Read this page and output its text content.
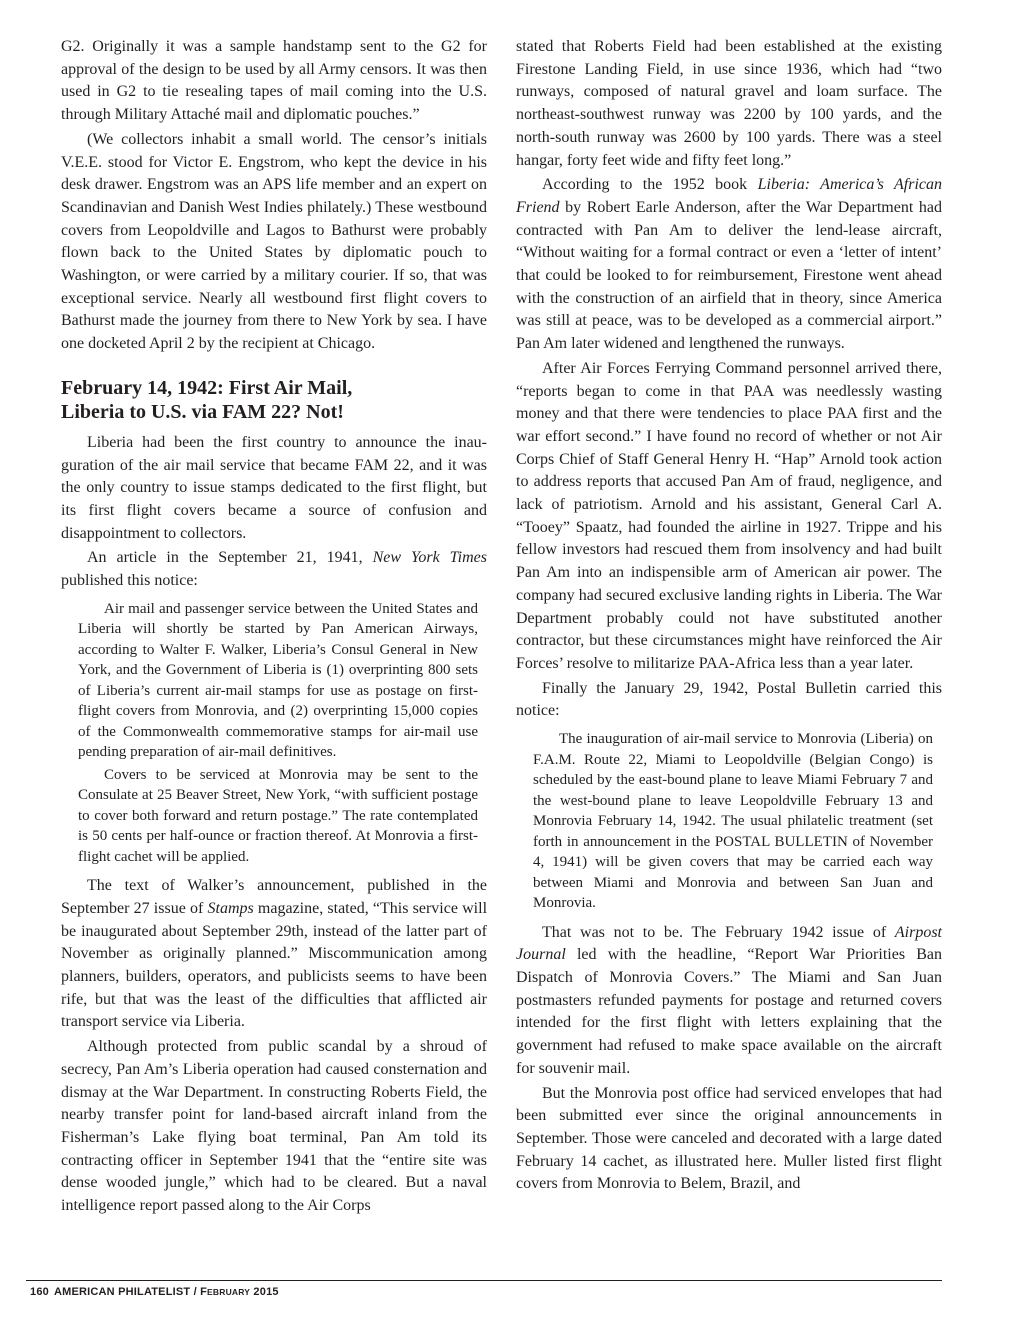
G2. Originally it was a sample handstamp sent to the G2 for approval of the design to be used by all Army censors. It was then used in G2 to tie resealing tapes of mail coming into the U.S. through Military Attaché mail and diplomatic pouches.”

(We collectors inhabit a small world. The censor’s initials V.E.E. stood for Victor E. Engstrom, who kept the device in his desk drawer. Engstrom was an APS life member and an expert on Scandinavian and Danish West Indies philately.) These westbound covers from Leopoldville and Lagos to Bathurst were probably flown back to the United States by diplomatic pouch to Washington, or were carried by a military courier. If so, that was exceptional service. Nearly all westbound first flight covers to Bathurst made the journey from there to New York by sea. I have one docketed April 2 by the recipient at Chicago.

February 14, 1942: First Air Mail,
Liberia to U.S. via FAM 22? Not!

Liberia had been the first country to announce the inauguration of the air mail service that became FAM 22, and it was the only country to issue stamps dedicated to the first flight, but its first flight covers became a source of confusion and disappointment to collectors.

An article in the September 21, 1941, New York Times published this notice:

Air mail and passenger service between the United States and Liberia will shortly be started by Pan American Airways, according to Walter F. Walker, Liberia’s Consul General in New York, and the Government of Liberia is (1) overprinting 800 sets of Liberia’s current air-mail stamps for use as postage on first-flight covers from Monrovia, and (2) overprinting 15,000 copies of the Commonwealth commemorative stamps for air-mail use pending preparation of air-mail definitives.

Covers to be serviced at Monrovia may be sent to the Consulate at 25 Beaver Street, New York, “with sufficient postage to cover both forward and return postage.” The rate contemplated is 50 cents per half-ounce or fraction thereof. At Monrovia a first-flight cachet will be applied.

The text of Walker’s announcement, published in the September 27 issue of Stamps magazine, stated, “This service will be inaugurated about September 29th, instead of the latter part of November as originally planned.” Miscommunication among planners, builders, operators, and publicists seems to have been rife, but that was the least of the difficulties that afflicted air transport service via Liberia.

Although protected from public scandal by a shroud of secrecy, Pan Am’s Liberia operation had caused consternation and dismay at the War Department. In constructing Roberts Field, the nearby transfer point for land-based aircraft inland from the Fisherman’s Lake flying boat terminal, Pan Am told its contracting officer in September 1941 that the “entire site was dense wooded jungle,” which had to be cleared. But a naval intelligence report passed along to the Air Corps

stated that Roberts Field had been established at the existing Firestone Landing Field, in use since 1936, which had “two runways, composed of natural gravel and loam surface. The northeast-southwest runway was 2200 by 100 yards, and the north-south runway was 2600 by 100 yards. There was a steel hangar, forty feet wide and fifty feet long.”

According to the 1952 book Liberia: America’s African Friend by Robert Earle Anderson, after the War Department had contracted with Pan Am to deliver the lend-lease aircraft, “Without waiting for a formal contract or even a ‘letter of intent’ that could be looked to for reimbursement, Firestone went ahead with the construction of an airfield that in theory, since America was still at peace, was to be developed as a commercial airport.” Pan Am later widened and lengthened the runways.

After Air Forces Ferrying Command personnel arrived there, “reports began to come in that PAA was needlessly wasting money and that there were tendencies to place PAA first and the war effort second.” I have found no record of whether or not Air Corps Chief of Staff General Henry H. “Hap” Arnold took action to address reports that accused Pan Am of fraud, negligence, and lack of patriotism. Arnold and his assistant, General Carl A. “Tooey” Spaatz, had founded the airline in 1927. Trippe and his fellow investors had rescued them from insolvency and had built Pan Am into an indispensible arm of American air power. The company had secured exclusive landing rights in Liberia. The War Department probably could not have substituted another contractor, but these circumstances might have reinforced the Air Forces’ resolve to militarize PAA-Africa less than a year later.

Finally the January 29, 1942, Postal Bulletin carried this notice:

The inauguration of air-mail service to Monrovia (Liberia) on F.A.M. Route 22, Miami to Leopoldville (Belgian Congo) is scheduled by the east-bound plane to leave Miami February 7 and the west-bound plane to leave Leopoldville February 13 and Monrovia February 14, 1942. The usual philatelic treatment (set forth in announcement in the POSTAL BULLETIN of November 4, 1941) will be given covers that may be carried each way between Miami and Monrovia and between San Juan and Monrovia.

That was not to be. The February 1942 issue of Airpost Journal led with the headline, “Report War Priorities Ban Dispatch of Monrovia Covers.” The Miami and San Juan postmasters refunded payments for postage and returned covers intended for the first flight with letters explaining that the government had refused to make space available on the aircraft for souvenir mail.

But the Monrovia post office had serviced envelopes that had been submitted ever since the original announcements in September. Those were canceled and decorated with a large dated February 14 cachet, as illustrated here. Muller listed first flight covers from Monrovia to Belem, Brazil, and

160 AMERICAN PHILATELIST / FEBRUARY 2015
